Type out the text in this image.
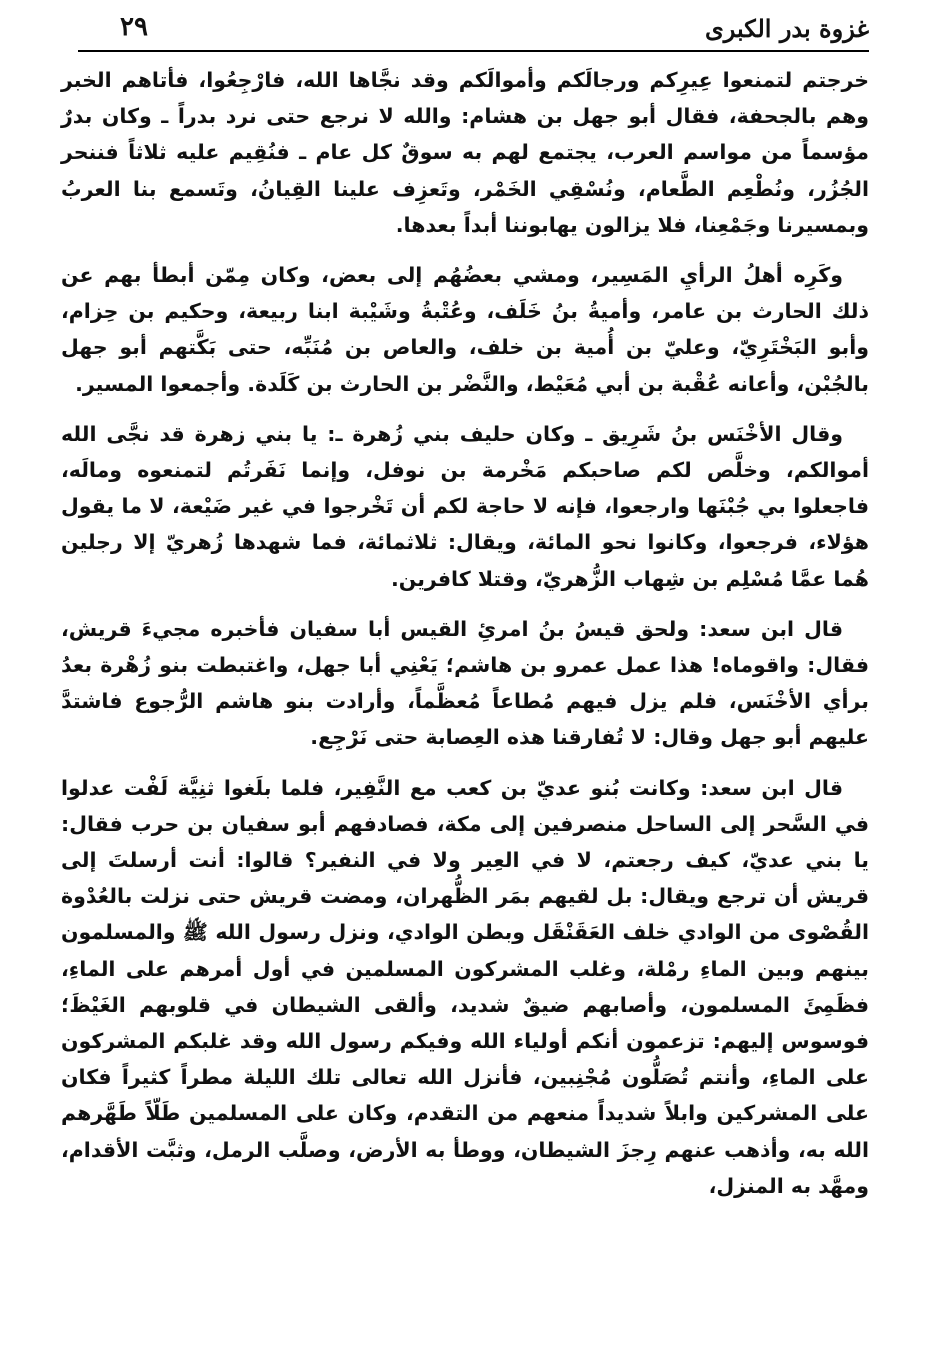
غزوة بدر الكبرى
٢٩

خرجتم لتمنعوا عِيرِكم ورجالَكم وأموالَكم وقد نجَّاها الله، فارْجِعُوا، فأتاهم الخبر وهم بالجحفة، فقال أبو جهل بن هشام: والله لا نرجع حتى نرد بدراً ـ وكان بدرٌ مؤسماً من مواسم العرب، يجتمع لهم به سوقٌ كل عام ـ فنُقِيم عليه ثلاثاً فننحر الجُزُر، ونُطْعِم الطَّعام، ونُسْقِي الخَمْر، وتَعزِف علينا القِيانُ، وتَسمع بنا العربُ وبمسيرنا وجَمْعِنا، فلا يزالون يهابوننا أبداً بعدها.

وكَرِه أهلُ الرأيِ المَسِير، ومشي بعضُهُم إلى بعض، وكان مِمّن أبطأ بهم عن ذلك الحارث بن عامر، وأميةُ بنُ خَلَف، وعُتْبةُ وشَيْبة ابنا ربيعة، وحكيم بن حِزام، وأبو البَخْتَرِيّ، وعليّ بن أُمية بن خلف، والعاص بن مُنَبِّه، حتى بَكَّتهم أبو جهل بالجُبْن، وأعانه عُقْبة بن أبي مُعَيْط، والنَّضْر بن الحارث بن كَلَدة. وأجمعوا المسير.

وقال الأخْنَس بنُ شَرِيق ـ وكان حليف بني زُهرة ـ: يا بني زهرة قد نجَّى الله أموالكم، وخلَّص لكم صاحبكم مَخْرمة بن نوفل، وإنما نَفَرتُم لتمنعوه ومالَه، فاجعلوا بي جُبْنَها وارجعوا، فإنه لا حاجة لكم أن تَخْرجوا في غير ضَيْعة، لا ما يقول هؤلاء، فرجعوا، وكانوا نحو المائة، ويقال: ثلاثمائة، فما شهدها زُهريّ إلا رجلين هُما عمَّا مُسْلِم بن شِهاب الزُّهريّ، وقتلا كافرين.

قال ابن سعد: ولحق قيسُ بنُ امرئِ القيس أبا سفيان فأخبره مجيءَ قريش، فقال: واقوماه! هذا عمل عمرو بن هاشم؛ يَعْنِي أبا جهل، واغتبطت بنو زُهْرة بعدُ برأي الأخْنَس، فلم يزل فيهم مُطاعاً مُعظَّماً، وأرادت بنو هاشم الرُّجوع فاشتدَّ عليهم أبو جهل وقال: لا تُفارقنا هذه العِصابة حتى نَرْجِع.

قال ابن سعد: وكانت بُنو عديّ بن كعب مع النَّفِير، فلما بلَغوا ثنِيَّة لَفْت عدلوا في السَّحر إلى الساحل منصرفين إلى مكة، فصادفهم أبو سفيان بن حرب فقال: يا بني عديّ، كيف رجعتم، لا في العِير ولا في النفير؟ قالوا: أنت أرسلتَ إلى قريش أن ترجع ويقال: بل لقيهم بمَر الظُّهران، ومضت قريش حتى نزلت بالعُدْوة القُصْوى من الوادي خلف العَقَنْقَل وبطن الوادي، ونزل رسول الله ﷺ والمسلمون بينهم وبين الماءِ رمْلة، وغلب المشركون المسلمين في أول أمرهم على الماءِ، فظَمِئَ المسلمون، وأصابهم ضيقٌ شديد، وألقى الشيطان في قلوبهم الغَيْظَ؛ فوسوس إليهم: تزعمون أنكم أولياء الله وفيكم رسول الله وقد غلبكم المشركون على الماءِ، وأنتم تُصَلُّون مُجْنِبين، فأنزل الله تعالى تلك الليلة مطراً كثيراً فكان على المشركين وابلاً شديداً منعهم من التقدم، وكان على المسلمين طَلّاً طَهَّرهم الله به، وأذهب عنهم رِجزَ الشيطان، ووطأ به الأرض، وصلَّب الرمل، وثبَّت الأقدام، ومهَّد به المنزل،
